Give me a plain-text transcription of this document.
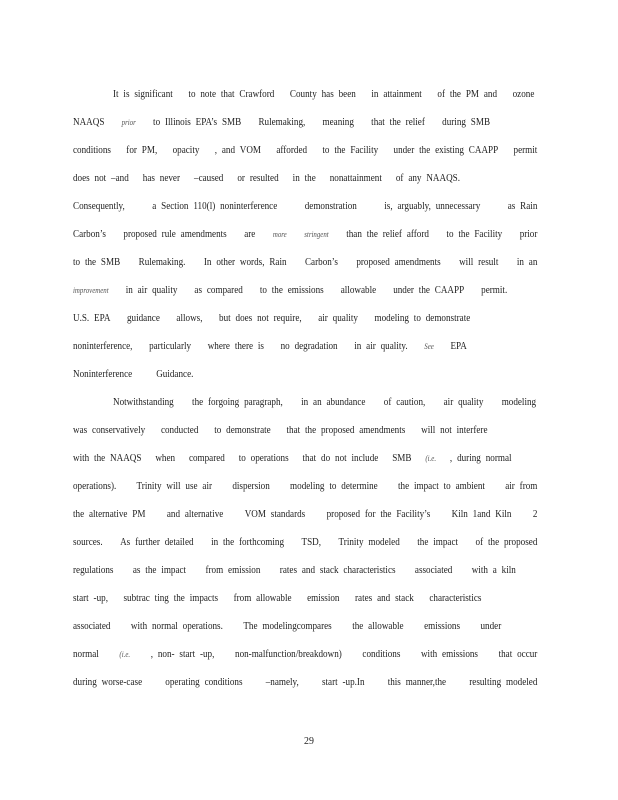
It is significant to note that Crawford County has been in attainment of the PM and ozone
NAAQS prior to Illinois EPA’s SMB Rulemaking, meaning that the relief during SMB
conditions for PM, opacity , and VOM afforded to the Facility under the existing CAAPP permit
does not –and has never –caused or resulted in the nonattainment of any NAAQS.
Consequently,	a Section 110(l) noninterference	demonstration	is, arguably, unnecessary	as Rain
Carbon’s proposed rule amendments are more stringent than the relief afford to the Facility prior
to the SMB Rulemaking. In other words, Rain Carbon’s proposed amendments will result in an
improvement in air quality as compared to the emissions allowable under the CAAPP permit.
U.S. EPA guidance allows, but does not require, air quality modeling to demonstrate
noninterference, particularly where there is no degradation in air quality. See EPA
Noninterference Guidance.
Notwithstanding the forgoing paragraph, in an abundance of caution, air quality modeling
was conservatively conducted to demonstrate that the proposed amendments will not interfere
with the NAAQS when compared to operations that do not include SMB (i.e. , during normal
operations). Trinity will use air dispersion modeling to determine the impact to ambient air from
the alternative PM and alternative VOM standards proposed for the Facility’s Kiln 1and Kiln 2
sources. As further detailed in the forthcoming TSD, Trinity modeled the impact of the proposed
regulations as the impact from emission rates and stack characteristics associated with a kiln
start -up, subtrac ting the impacts from allowable emission rates and stack characteristics
associated with normal operations. The modelingcompares the allowable emissions under
normal	(i.e. , non- start -up, non-malfunction/breakdown) conditions with emissions that occur
during worse-case operating conditions –namely, start -up.In this manner,the resulting modeled
29
